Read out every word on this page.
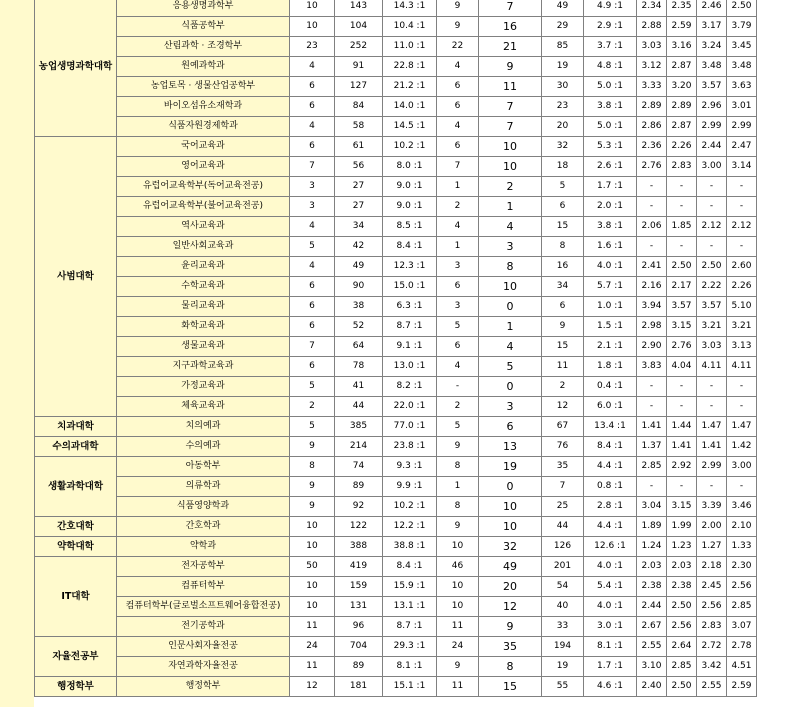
농업생명과학대학	응용생명과학부	10	143	14.3 :1	9	7	49	4.9 :1	2.34	2.35	2.46	2.50
	식품공학부	10	104	10.4 :1	9	16	29	2.9 :1	2.88	2.59	3.17	3.79
	산림과학 · 조경학부	23	252	11.0 :1	22	21	85	3.7 :1	3.03	3.16	3.24	3.45
	원예과학과	4	91	22.8 :1	4	9	19	4.8 :1	3.12	2.87	3.48	3.48
	농업토목 · 생물산업공학부	6	127	21.2 :1	6	11	30	5.0 :1	3.33	3.20	3.57	3.63
	바이오섬유소재학과	6	84	14.0 :1	6	7	23	3.8 :1	2.89	2.89	2.96	3.01
	식품자원경제학과	4	58	14.5 :1	4	7	20	5.0 :1	2.86	2.87	2.99	2.99
사범대학	국어교육과	6	61	10.2 :1	6	10	32	5.3 :1	2.36	2.26	2.44	2.47
	영어교육과	7	56	8.0 :1	7	10	18	2.6 :1	2.76	2.83	3.00	3.14
	유럽어교육학부(독어교육전공)	3	27	9.0 :1	1	2	5	1.7 :1	-	-	-	-
	유럽어교육학부(불어교육전공)	3	27	9.0 :1	2	1	6	2.0 :1	-	-	-	-
	역사교육과	4	34	8.5 :1	4	4	15	3.8 :1	2.06	1.85	2.12	2.12
	일반사회교육과	5	42	8.4 :1	1	3	8	1.6 :1	-	-	-	-
	윤리교육과	4	49	12.3 :1	3	8	16	4.0 :1	2.41	2.50	2.50	2.60
	수학교육과	6	90	15.0 :1	6	10	34	5.7 :1	2.16	2.17	2.22	2.26
	물리교육과	6	38	6.3 :1	3	0	6	1.0 :1	3.94	3.57	3.57	5.10
	화학교육과	6	52	8.7 :1	5	1	9	1.5 :1	2.98	3.15	3.21	3.21
	생물교육과	7	64	9.1 :1	6	4	15	2.1 :1	2.90	2.76	3.03	3.13
	지구과학교육과	6	78	13.0 :1	4	5	11	1.8 :1	3.83	4.04	4.11	4.11
	가정교육과	5	41	8.2 :1	-	0	2	0.4 :1	-	-	-	-
	체육교육과	2	44	22.0 :1	2	3	12	6.0 :1	-	-	-	-
치과대학	치의예과	5	385	77.0 :1	5	6	67	13.4 :1	1.41	1.44	1.47	1.47
수의과대학	수의예과	9	214	23.8 :1	9	13	76	8.4 :1	1.37	1.41	1.41	1.42
생활과학대학	아동학부	8	74	9.3 :1	8	19	35	4.4 :1	2.85	2.92	2.99	3.00
	의류학과	9	89	9.9 :1	1	0	7	0.8 :1	-	-	-	-
	식품영양학과	9	92	10.2 :1	8	10	25	2.8 :1	3.04	3.15	3.39	3.46
간호대학	간호학과	10	122	12.2 :1	9	10	44	4.4 :1	1.89	1.99	2.00	2.10
약학대학	약학과	10	388	38.8 :1	10	32	126	12.6 :1	1.24	1.23	1.27	1.33
IT대학	전자공학부	50	419	8.4 :1	46	49	201	4.0 :1	2.03	2.03	2.18	2.30
	컴퓨터학부	10	159	15.9 :1	10	20	54	5.4 :1	2.38	2.38	2.45	2.56
	컴퓨터학부(글로벌소프트웨어융합전공)	10	131	13.1 :1	10	12	40	4.0 :1	2.44	2.50	2.56	2.85
	전기공학과	11	96	8.7 :1	11	9	33	3.0 :1	2.67	2.56	2.83	3.07
자율전공부	인문사회자율전공	24	704	29.3 :1	24	35	194	8.1 :1	2.55	2.64	2.72	2.78
	자연과학자율전공	11	89	8.1 :1	9	8	19	1.7 :1	3.10	2.85	3.42	4.51
행정학부	행정학부	12	181	15.1 :1	11	15	55	4.6 :1	2.40	2.50	2.55	2.59
